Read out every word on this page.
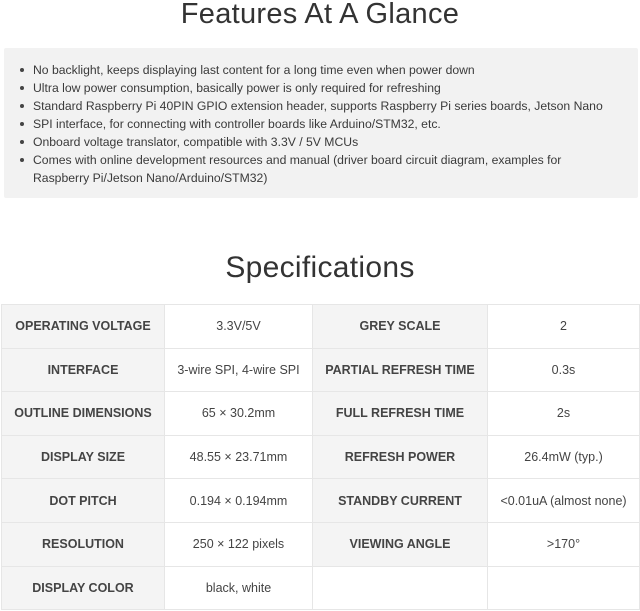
Features At A Glance
No backlight, keeps displaying last content for a long time even when power down
Ultra low power consumption, basically power is only required for refreshing
Standard Raspberry Pi 40PIN GPIO extension header, supports Raspberry Pi series boards, Jetson Nano
SPI interface, for connecting with controller boards like Arduino/STM32, etc.
Onboard voltage translator, compatible with 3.3V / 5V MCUs
Comes with online development resources and manual (driver board circuit diagram, examples for Raspberry Pi/Jetson Nano/Arduino/STM32)
Specifications
OPERATING VOLTAGE	3.3V/5V	GREY SCALE	2
INTERFACE	3-wire SPI, 4-wire SPI	PARTIAL REFRESH TIME	0.3s
OUTLINE DIMENSIONS	65 × 30.2mm	FULL REFRESH TIME	2s
DISPLAY SIZE	48.55 × 23.71mm	REFRESH POWER	26.4mW (typ.)
DOT PITCH	0.194 × 0.194mm	STANDBY CURRENT	<0.01uA (almost none)
RESOLUTION	250 × 122 pixels	VIEWING ANGLE	>170°
DISPLAY COLOR	black, white		
